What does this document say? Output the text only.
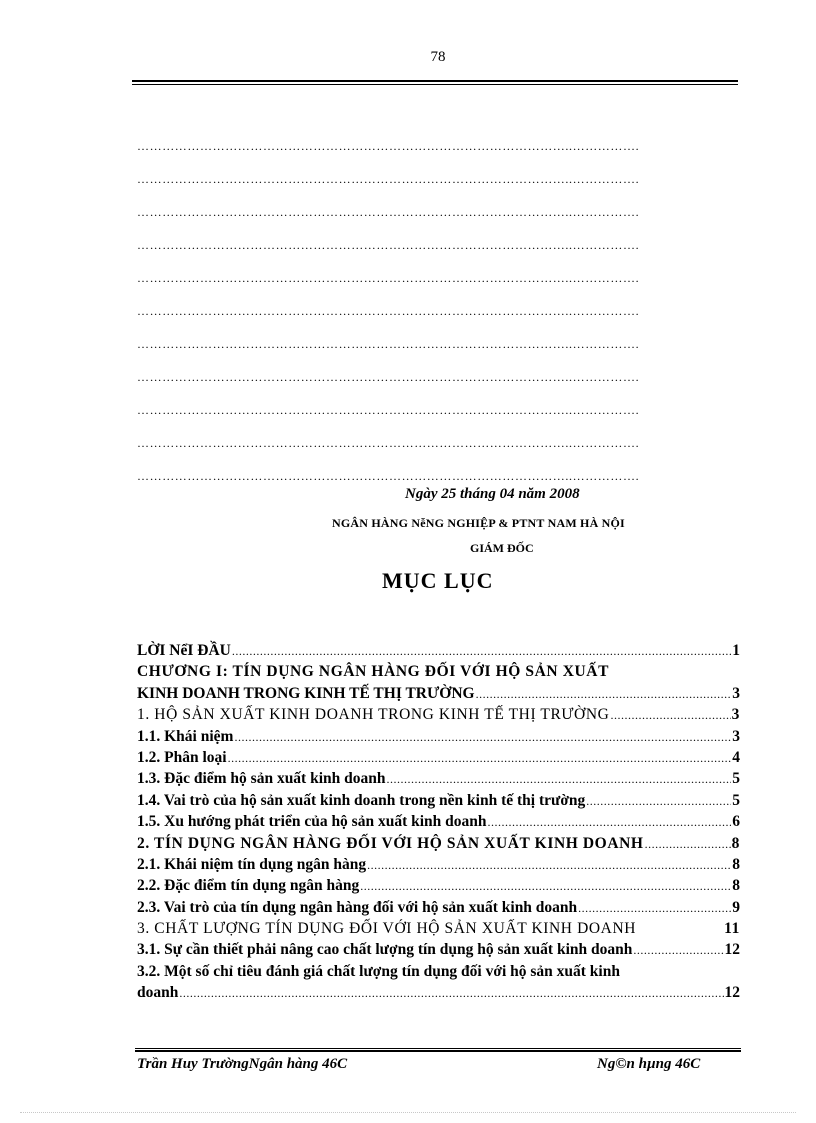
78
…………………………………………………………………………………………..…………….
…………………………………………………………………………………………..…………….
…………………………………………………………………………………………..…………….
…………………………………………………………………………………………..…………….
…………………………………………………………………………………………..…………….
…………………………………………………………………………………………..…………….
…………………………………………………………………………………………..…………….
…………………………………………………………………………………………..…………….
…………………………………………………………………………………………..…………….
…………………………………………………………………………………………..…………….
…………………………………………………………………………………………..…………….
Ngày 25 tháng 04 năm 2008
NGÂN HÀNG NễNG NGHIỆP & PTNT NAM HÀ NỘI
GIÁM ĐỐC
MỤC LỤC
LỜI NểI ĐẦU .....	1
CHƯƠNG I: TÍN DỤNG NGÂN HÀNG ĐỐI VỚI HỘ SẢN XUẤT
KINH DOANH TRONG KINH TẾ THỊ TRƯỜNG .....	3
1. HỘ SẢN XUẤT KINH DOANH TRONG KINH TẾ THỊ TRƯỜNG .....	3
1.1. Khái niệm .....	3
1.2. Phân loại .....	4
1.3. Đặc điểm hộ sản xuất kinh doanh .....	5
1.4. Vai trò của hộ sản xuất kinh doanh trong nền kinh tế thị trường .....	5
1.5. Xu hướng phát triển của hộ sản xuất kinh doanh .....	6
2. TÍN DỤNG NGÂN HÀNG ĐỐI VỚI HỘ SẢN XUẤT KINH DOANH .....	8
2.1. Khái niệm tín dụng ngân hàng .....	8
2.2. Đặc điểm tín dụng ngân hàng .....	8
2.3. Vai trò của tín dụng ngân hàng đối với hộ sản xuất kinh doanh .....	9
3. CHẤT LƯỢNG TÍN DỤNG ĐỐI VỚI HỘ SẢN XUẤT KINH DOANH	11
3.1. Sự cần thiết phải nâng cao chất lượng tín dụng hộ sản xuất kinh doanh .....	12
3.2. Một số chỉ tiêu đánh giá chất lượng tín dụng đối với hộ sản xuất kinh
doanh .....	12
Trần Huy TrườngNgân hàng 46C	Ng©n hµng 46C
